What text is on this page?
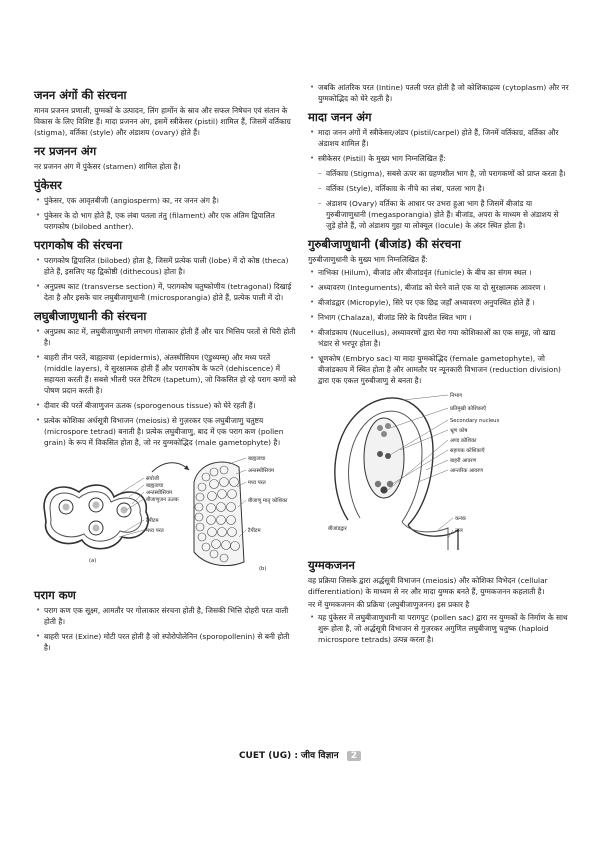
जनन अंगों की संरचना

मानव प्रजनन प्रणाली, युग्मकों के उत्पादन, लिंग हार्मोन के स्राव और सफल निषेचन एवं संतान के विकास के लिए विशिष्ट हैं। मादा प्रजनन अंग, इसमें स्त्रीकेसर (pistil) शामिल हैं, जिसमें वर्तिकाग्र (stigma), वर्तिका (style) और अंडाशय (ovary) होते हैं।

नर प्रजनन अंग

नर प्रजनन अंग में पुंकेसर (stamen) शामिल होता है।

पुंकेसर
• पुंकेसर, एक आवृतबीजी (angiosperm) का, नर जनन अंग है।
• पुंकेसर के दो भाग होते हैं, एक लंबा पतला तंतु (filament) और एक अंतिम द्विपालित परागकोष (bilobed anther).
परागकोष की संरचना
• परागकोष द्विपालित (bilobed) होता है, जिसमें प्रत्येक पाली (lobe) में दो कोष्ठ (theca) होते हैं, इसलिए यह द्विकोष्ठी (dithecous) होता है।
• अनुप्रस्थ काट (transverse section) में, परागकोष चतुष्कोणीय (tetragonal) दिखाई देता है और इसके चार लघुबीजाणुधानी (microsporangia) होते हैं, प्रत्येक पाली में दो।
लघुबीजाणुधानी की संरचना
• अनुप्रस्थ काट में, लघुबीजाणुधानी लगभग गोलाकार होती हैं और चार भित्तिय परतों से घिरी होती है।
• बाहरी तीन परतें, बाह्यत्वचा (epidermis), अंतस्थीसियम (एंडुथ्यम्स्) और मध्य परतें (middle layers), ये सुरक्षात्मक होती हैं और परागकोष के फटने (dehiscence) में सहायता करती हैं। सबसे भीतरी परत टैपिटम (tapetum), जो विकसित हो रहे पराग कणों को पोषण प्रदान करती है।
• दीवार की परतें बीजाणुजन ऊतक (sporogenous tissue) को घेरे रहती हैं।
• प्रत्येक कोशिका अर्धसूत्री विभाजन (meiosis) से गुज़रकर एक लघुबीजाणु चतुष्टय (microspore tetrad) बनाती है। प्रत्येक लघुबीजाणु, बाद में एक पराग कण (pollen grain) के रूप में विकसित होता है, जो नर युग्मकोद्भिद (male gametophyte) है।
संयोजी
बाह्यत्वचा
अन्तस्थीसियम
बीजाणुजन ऊतक
टैपीटम
मध्य परत
(a)
बाह्यत्वचा
अन्तस्थीसियम
मध्य परत
बीजाणु मातृ कोशिका
टैपीटम
(b)
पराग कण
• पराग कण एक सूक्ष्म, आमतौर पर गोलाकार संरचना होती है, जिसकी भित्ति दोहरी परत वाली होती है।
• बाहरी परत (Exine) मोटी परत होती है जो स्पोरोपोलेनिन (sporopollenin) से बनी होती है।
• जबकि आंतरिक परत (Intine) पतली परत होती है जो कोशिकाद्रव्य (cytoplasm) और नर युग्मकोद्भिद को घेरे रहती है।
मादा जनन अंग
• मादा जनन अंगों में स्त्रीकेसर/अंडप (pistil/carpel) होते हैं, जिनमें वर्तिकाग्र, वर्तिका और अंडाशय शामिल हैं।
• स्त्रीकेसर (Pistil) के मुख्य भाग निम्नलिखित हैं:
– वर्तिकाग्र (Stigma), सबसे ऊपर का ग्रहणशील भाग है, जो परागकणों को प्राप्त करता है।
– वर्तिका (Style), वर्तिकाग्र के नीचे का लंबा, पतला भाग है।
– अंडाशय (Ovary) वर्तिका के आधार पर उभरा हुआ भाग है जिसमें बीजांड या गुरुबीजाणुधानी (megasporangia) होते हैं। बीजांड, अपरा के माध्यम से अंडाशय से जुड़े होते हैं, जो अंडाशय गुहा या लोक्यूल (locule) के अंदर स्थित होता है।
गुरुबीजाणुधानी (बीजांड) की संरचना

गुरुबीजाणुधानी के मुख्य भाग निम्नलिखित हैं:

• नाभिका (Hilum), बीजांड और बीजांडवृंत (funicle) के बीच का संगम स्थल ।
• अध्यावरण (Integuments), बीजांड को घेरने वाले एक या दो सुरक्षात्मक आवरण ।
• बीजांडद्वार (Micropyle), सिरे पर एक छिद्र जहाँ अध्यावरण अनुपस्थित होते हैं ।
• निभाग (Chalaza), बीजांड सिरे के विपरीत स्थित भाग ।
• बीजांडकाय (Nucellus), अध्यावरणों द्वारा घेरा गया कोशिकाओं का एक समूह, जो खाद्य भंडार से भरपूर होता है।
• भ्रूणकोष (Embryo sac) या मादा युग्मकोद्भिद (female gametophyte), जो बीजांडकाय में स्थित होता है और आमतौर पर न्यूनकारी विभाजन (reduction division) द्वारा एक एकल गुरुबीजाणु से बनता है।
निभाग
प्रतिमुखी कोशिकाएँ
Secondary nucleus
भ्रूण कोष
अण्ड कोशिका
सहायक कोशिकाएँ
बाहरी आवरण
आन्तरिक आवरण
बीजांडद्वार
कनक
नाल
युग्मकजनन

वह प्रक्रिया जिसके द्वारा अर्द्धसूत्री विभाजन (meiosis) और कोशिका विभेदन (cellular differentiation) के माध्यम से नर और मादा युग्मक बनते हैं, युग्मकजनन कहलाती है।

नर में युग्मकजनन की प्रक्रिया (लघुबीजाणुजनन) इस प्रकार है

• यह पुंकेसर में लघुबीजाणुधानी या परागपुट (pollen sac) द्वारा नर युग्मकों के निर्माण के साथ शुरू होता है, जो अर्द्धसूत्री विभाजन से गुज़रकर अगुणित लघुबीजाणु चतुष्क (haploid microspore tetrads) उत्पन्न करता है।
CUET (UG) : जीव विज्ञान 2
